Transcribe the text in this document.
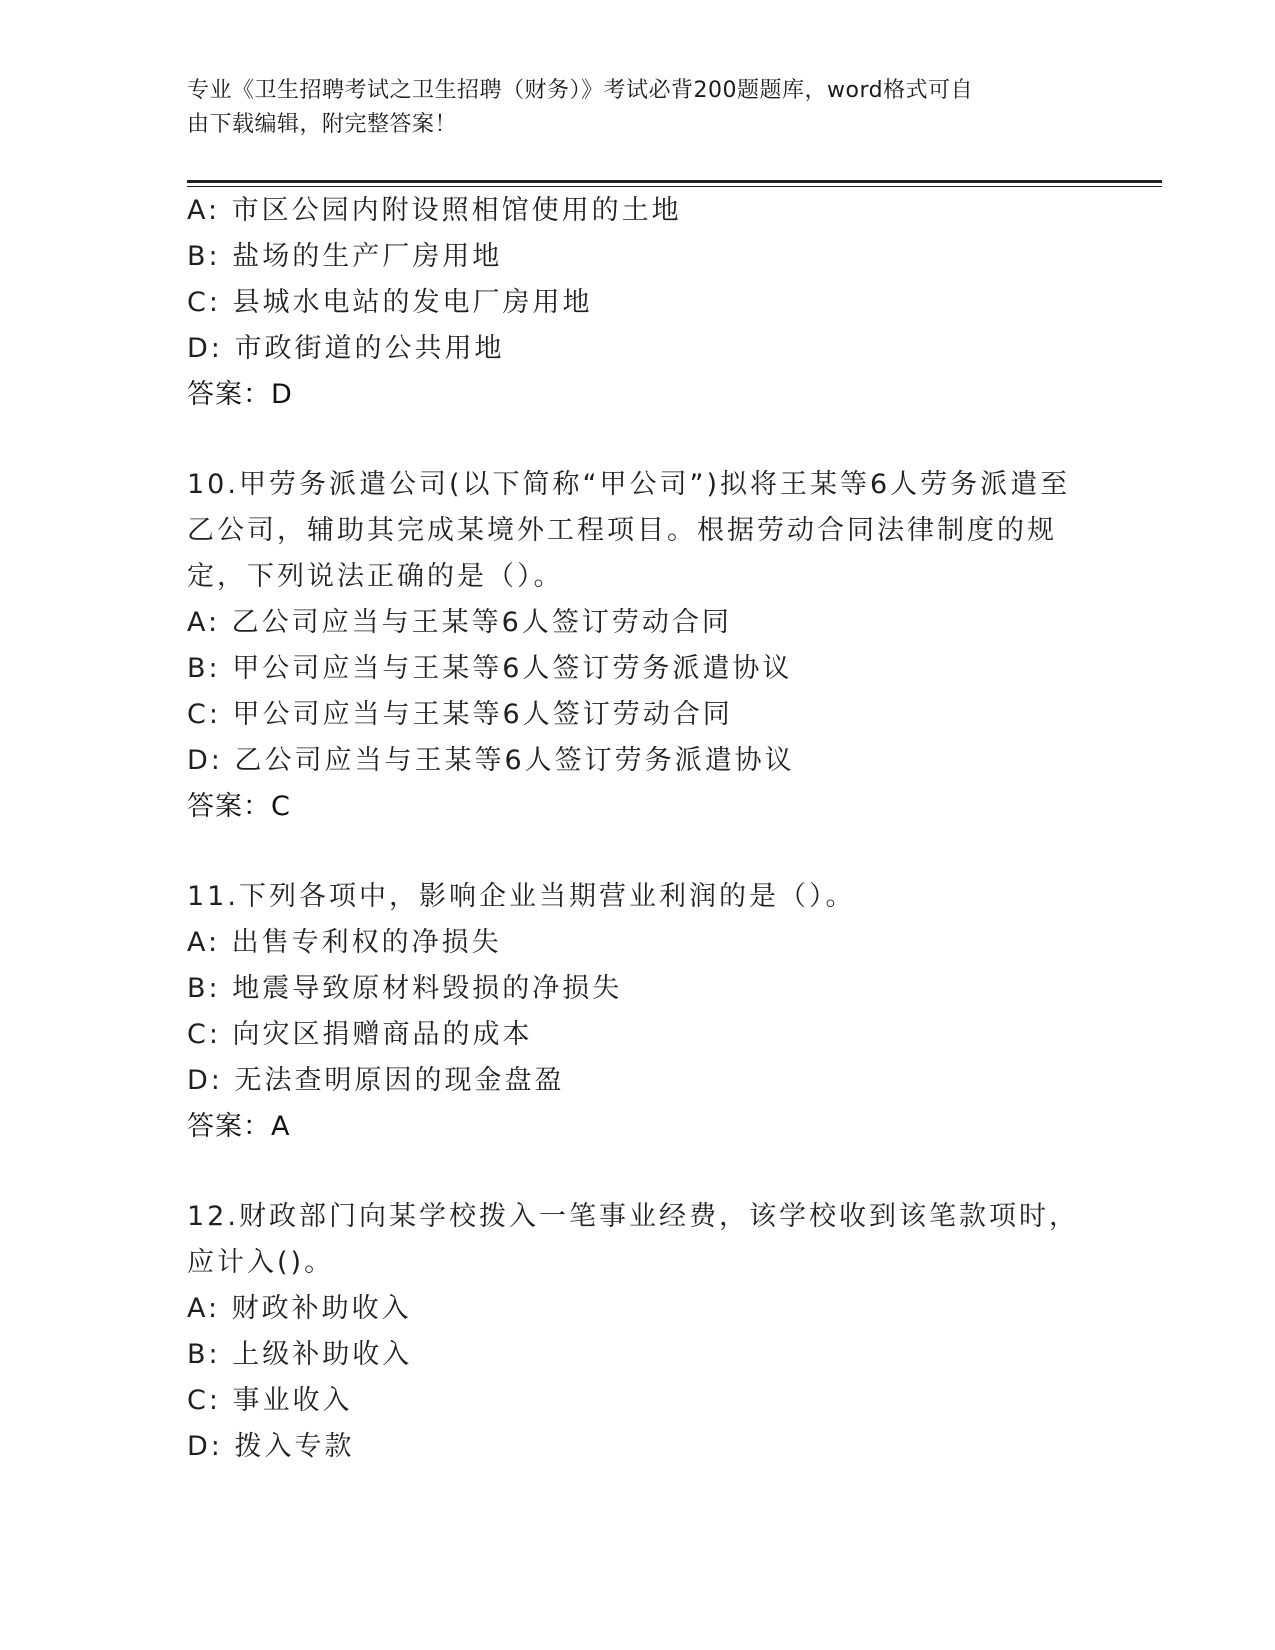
专业《卫生招聘考试之卫生招聘（财务）》考试必背200题题库，word格式可自
由下载编辑，附完整答案！
A: 市区公园内附设照相馆使用的土地
B: 盐场的生产厂房用地
C: 县城水电站的发电厂房用地
D: 市政街道的公共用地
答案：D
10.甲劳务派遣公司(以下简称“甲公司”)拟将王某等6人劳务派遣至乙公司，辅助其完成某境外工程项目。根据劳动合同法律制度的规定，下列说法正确的是（）。
A: 乙公司应当与王某等6人签订劳动合同
B: 甲公司应当与王某等6人签订劳务派遣协议
C: 甲公司应当与王某等6人签订劳动合同
D: 乙公司应当与王某等6人签订劳务派遣协议
答案：C
11.下列各项中，影响企业当期营业利润的是（）。
A: 出售专利权的净损失
B: 地震导致原材料毁损的净损失
C: 向灾区捐赠商品的成本
D: 无法查明原因的现金盘盈
答案：A
12.财政部门向某学校拨入一笔事业经费，该学校收到该笔款项时，应计入()。
A: 财政补助收入
B: 上级补助收入
C: 事业收入
D: 拨入专款
